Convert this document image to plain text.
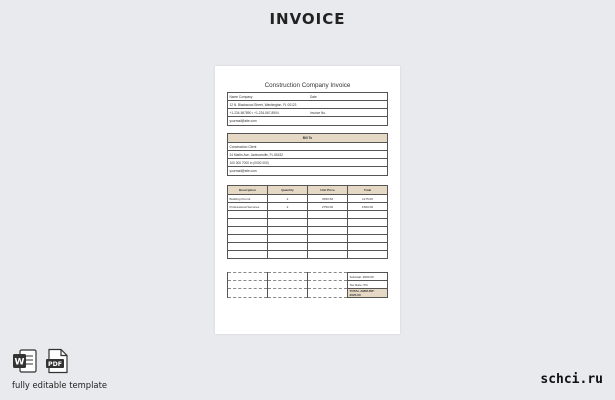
INVOICE
Construction Company Invoice
Name Company	Date
12 N. Blackwood Street, Washington, FL 00123
+1-234-567890 • +1-234-567-8904	Invoice No.
yourmail@site.com
Bill To
Construction Client
24 Martin Ave, Jacksonville, FL 65432
100 000 7000 in (0000 000)
yourmail@site.com
Description	Quantity	Unit Price	Total
Building Permit	2	3350.50	1175.00
Professional Services	2	2750.00	1500.00

			Subtotal: 2500.00
			Tax Rate: 5%
			TOTAL AMOUNT: 2625.00
W	PDF
fully editable template	schci.ru
